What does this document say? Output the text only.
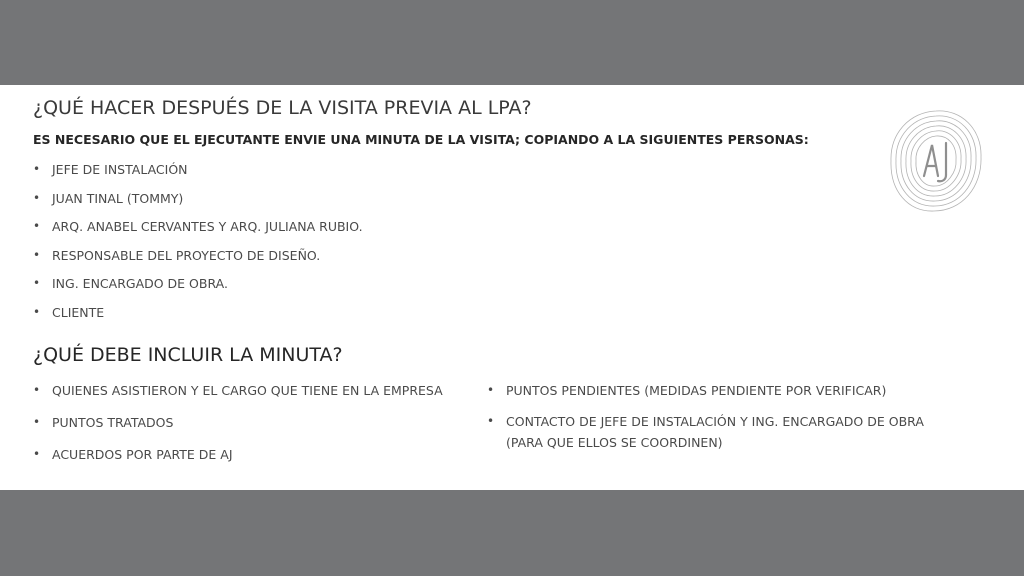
¿QUÉ HACER DESPUÉS DE LA VISITA PREVIA AL LPA?
ES NECESARIO QUE EL EJECUTANTE ENVIE UNA MINUTA DE LA VISITA; COPIANDO A LA SIGUIENTES PERSONAS:
• JEFE DE INSTALACIÓN
• JUAN TINAL (TOMMY)
• ARQ. ANABEL CERVANTES Y ARQ. JULIANA RUBIO.
• RESPONSABLE DEL PROYECTO DE DISEÑO.
• ING. ENCARGADO DE OBRA.
• CLIENTE
¿QUÉ DEBE INCLUIR LA MINUTA?
• QUIENES ASISTIERON Y EL CARGO QUE TIENE EN LA EMPRESA
• PUNTOS TRATADOS
• ACUERDOS POR PARTE DE AJ
• PUNTOS PENDIENTES (MEDIDAS PENDIENTE POR VERIFICAR)
• CONTACTO DE JEFE DE INSTALACIÓN Y ING. ENCARGADO DE OBRA (PARA QUE ELLOS SE COORDINEN)
